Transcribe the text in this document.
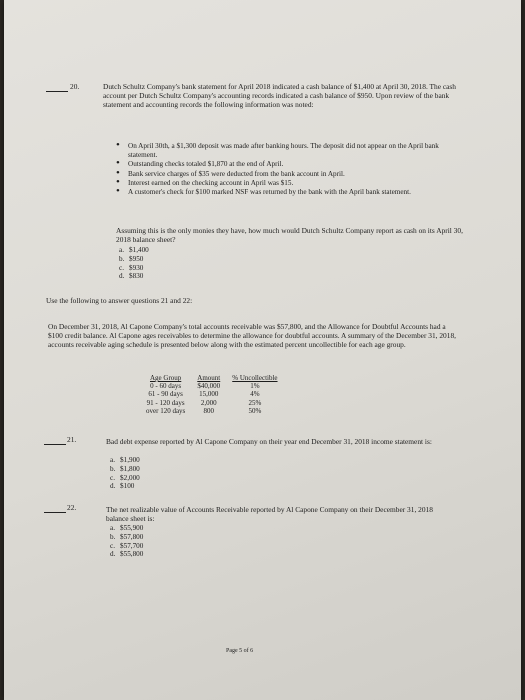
20.	Dutch Schultz Company's bank statement for April 2018 indicated a cash balance of $1,400 at April 30, 2018. The cash account per Dutch Schultz Company's accounting records indicated a cash balance of $950. Upon review of the bank statement and accounting records the following information was noted:

• On April 30th, a $1,300 deposit was made after banking hours. The deposit did not appear on the April bank statement.
• Outstanding checks totaled $1,870 at the end of April.
• Bank service charges of $35 were deducted from the bank account in April.
• Interest earned on the checking account in April was $15.
• A customer's check for $100 marked NSF was returned by the bank with the April bank statement.

Assuming this is the only monies they have, how much would Dutch Schultz Company report as cash on its April 30, 2018 balance sheet?

a. $1,400
b. $950
c. $930
d. $830

Use the following to answer questions 21 and 22:

On December 31, 2018, Al Capone Company's total accounts receivable was $57,800, and the Allowance for Doubtful Accounts had a $100 credit balance. Al Capone ages receivables to determine the allowance for doubtful accounts. A summary of the December 31, 2018, accounts receivable aging schedule is presented below along with the estimated percent uncollectible for each age group.

Age Group	Amount	% Uncollectible
0 - 60 days	$40,000	1%
61 - 90 days	15,000	4%
91 - 120 days	2,000	25%
over 120 days	800	50%
21.	Bad debt expense reported by Al Capone Company on their year end December 31, 2018 income statement is:

a. $1,900
b. $1,800
c. $2,000
d. $100
22.	The net realizable value of Accounts Receivable reported by Al Capone Company on their December 31, 2018 balance sheet is:

a. $55,900
b. $57,800
c. $57,700
d. $55,800
Page 5 of 6
